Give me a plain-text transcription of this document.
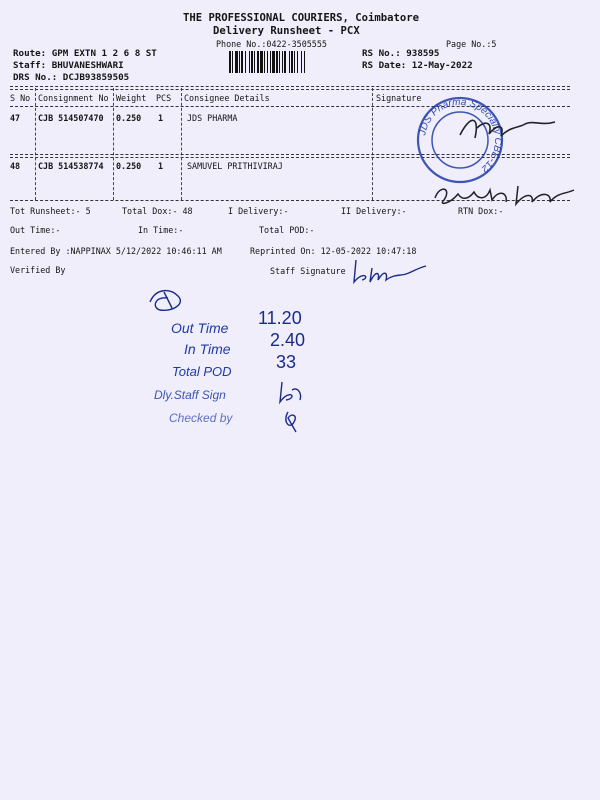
THE PROFESSIONAL COURIERS, Coimbatore
Delivery Runsheet - PCX
Phone No.:0422-3505555	Page No.:5
Route: GPM EXTN 1 2 6 8 ST
Staff: BHUVANESHWARI
DRS No.: DCJB93859505
RS No.: 938595
RS Date: 12-May-2022
S No Consignment No Weight PCS Consignee Details	Signature
47 CJB 514507470 0.250 1	JDS PHARMA
48 CJB 514538774 0.250 1	SAMUVEL PRITHIVIRAJ
JDS Pharma Specialty CBE-12
Tot Runsheet:- 5	Total Dox:- 48	I Delivery:-	II Delivery:-	RTN Dox:-
Out Time:-	In Time:-	Total POD:-
Entered By :NAPPINAX 5/12/2022 10:46:11 AM	Reprinted On: 12-05-2022 10:47:18
Verified By	Staff Signature
Out Time 11.20
In Time 2.40
Total POD 33
Dly.Staff Sign
Checked by
